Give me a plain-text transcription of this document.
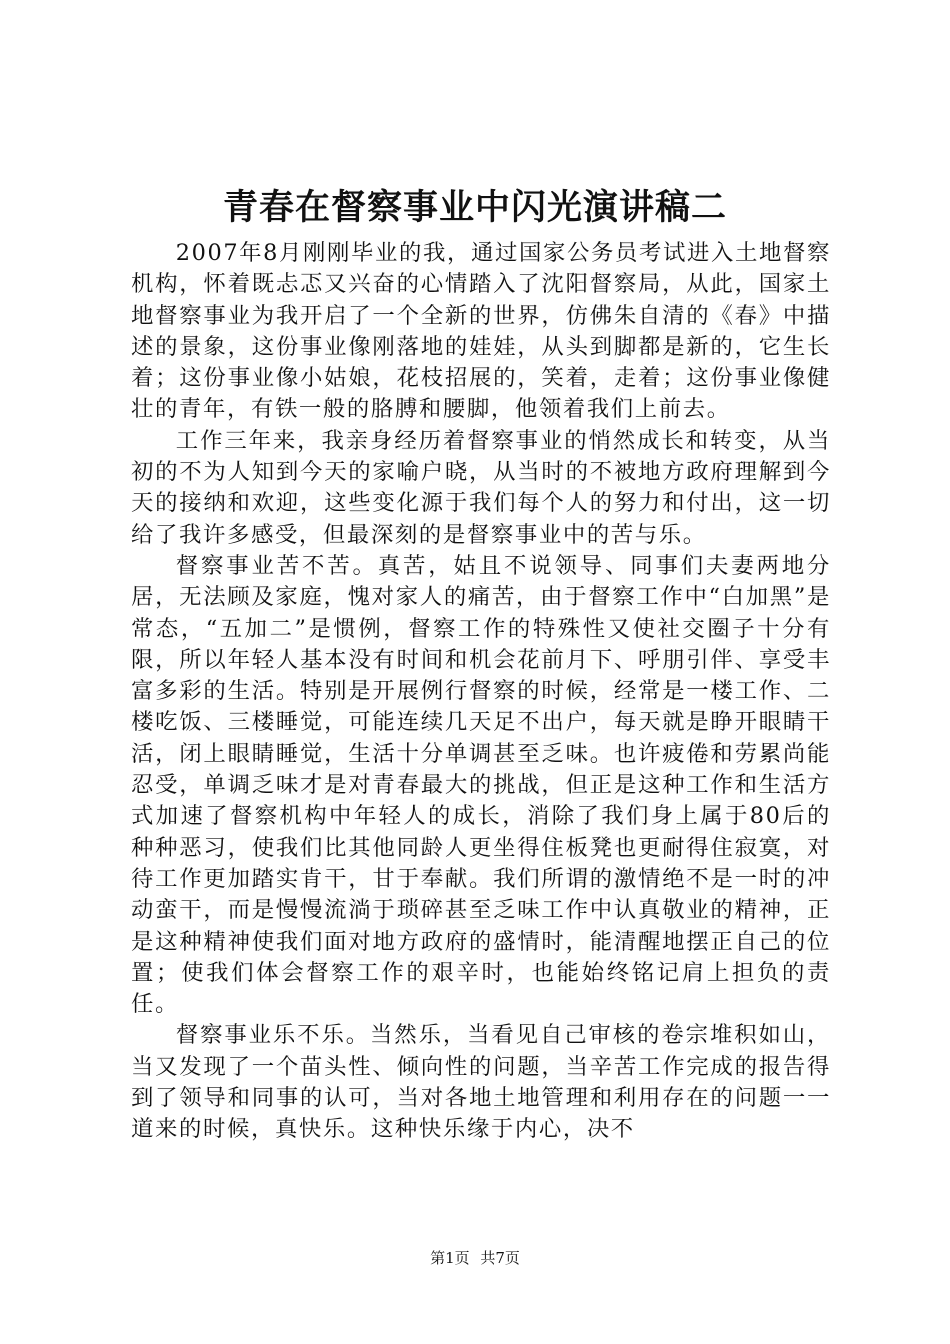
青春在督察事业中闪光演讲稿二

2007年8月刚刚毕业的我，通过国家公务员考试进入土地督察机构，怀着既忐忑又兴奋的心情踏入了沈阳督察局，从此，国家土地督察事业为我开启了一个全新的世界，仿佛朱自清的《春》中描述的景象，这份事业像刚落地的娃娃，从头到脚都是新的，它生长着；这份事业像小姑娘，花枝招展的，笑着，走着；这份事业像健壮的青年，有铁一般的胳膊和腰脚，他领着我们上前去。

工作三年来，我亲身经历着督察事业的悄然成长和转变，从当初的不为人知到今天的家喻户晓，从当时的不被地方政府理解到今天的接纳和欢迎，这些变化源于我们每个人的努力和付出，这一切给了我许多感受，但最深刻的是督察事业中的苦与乐。

督察事业苦不苦。真苦，姑且不说领导、同事们夫妻两地分居，无法顾及家庭，愧对家人的痛苦，由于督察工作中“白加黑”是常态，“五加二”是惯例，督察工作的特殊性又使社交圈子十分有限，所以年轻人基本没有时间和机会花前月下、呼朋引伴、享受丰富多彩的生活。特别是开展例行督察的时候，经常是一楼工作、二楼吃饭、三楼睡觉，可能连续几天足不出户，每天就是睁开眼睛干活，闭上眼睛睡觉，生活十分单调甚至乏味。也许疲倦和劳累尚能忍受，单调乏味才是对青春最大的挑战，但正是这种工作和生活方式加速了督察机构中年轻人的成长，消除了我们身上属于80后的种种恶习，使我们比其他同龄人更坐得住板凳也更耐得住寂寞，对待工作更加踏实肯干，甘于奉献。我们所谓的激情绝不是一时的冲动蛮干，而是慢慢流淌于琐碎甚至乏味工作中认真敬业的精神，正是这种精神使我们面对地方政府的盛情时，能清醒地摆正自己的位置；使我们体会督察工作的艰辛时，也能始终铭记肩上担负的责任。

督察事业乐不乐。当然乐，当看见自己审核的卷宗堆积如山，当又发现了一个苗头性、倾向性的问题，当辛苦工作完成的报告得到了领导和同事的认可，当对各地土地管理和利用存在的问题一一道来的时候，真快乐。这种快乐缘于内心，决不

第1页 共7页
